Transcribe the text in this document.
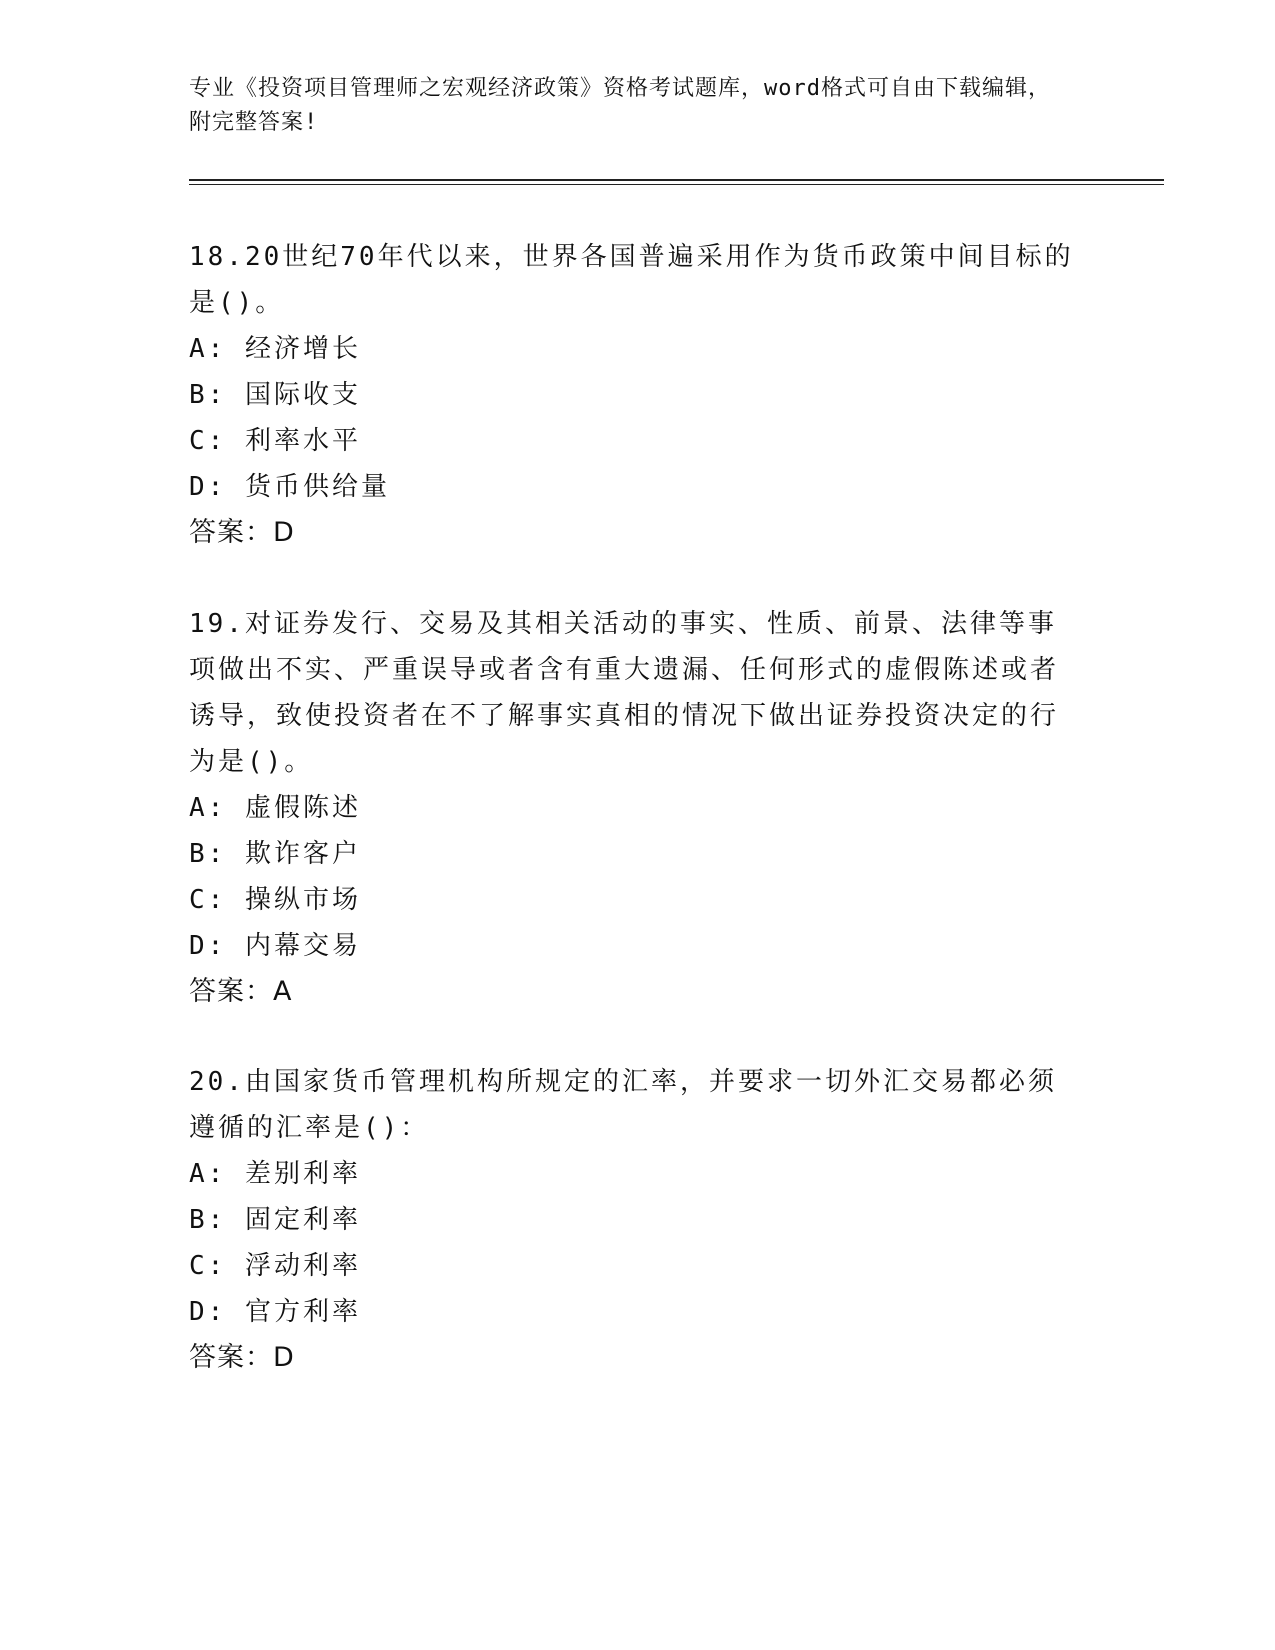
专业《投资项目管理师之宏观经济政策》资格考试题库，word格式可自由下载编辑，附完整答案!

18.20世纪70年代以来，世界各国普遍采用作为货币政策中间目标的是()。

A: 经济增长

B: 国际收支

C: 利率水平

D: 货币供给量

答案：D

19.对证券发行、交易及其相关活动的事实、性质、前景、法律等事项做出不实、严重误导或者含有重大遗漏、任何形式的虚假陈述或者诱导，致使投资者在不了解事实真相的情况下做出证券投资决定的行为是()。

A: 虚假陈述

B: 欺诈客户

C: 操纵市场

D: 内幕交易

答案：A

20.由国家货币管理机构所规定的汇率，并要求一切外汇交易都必须遵循的汇率是()：

A: 差别利率

B: 固定利率

C: 浮动利率

D: 官方利率

答案：D
